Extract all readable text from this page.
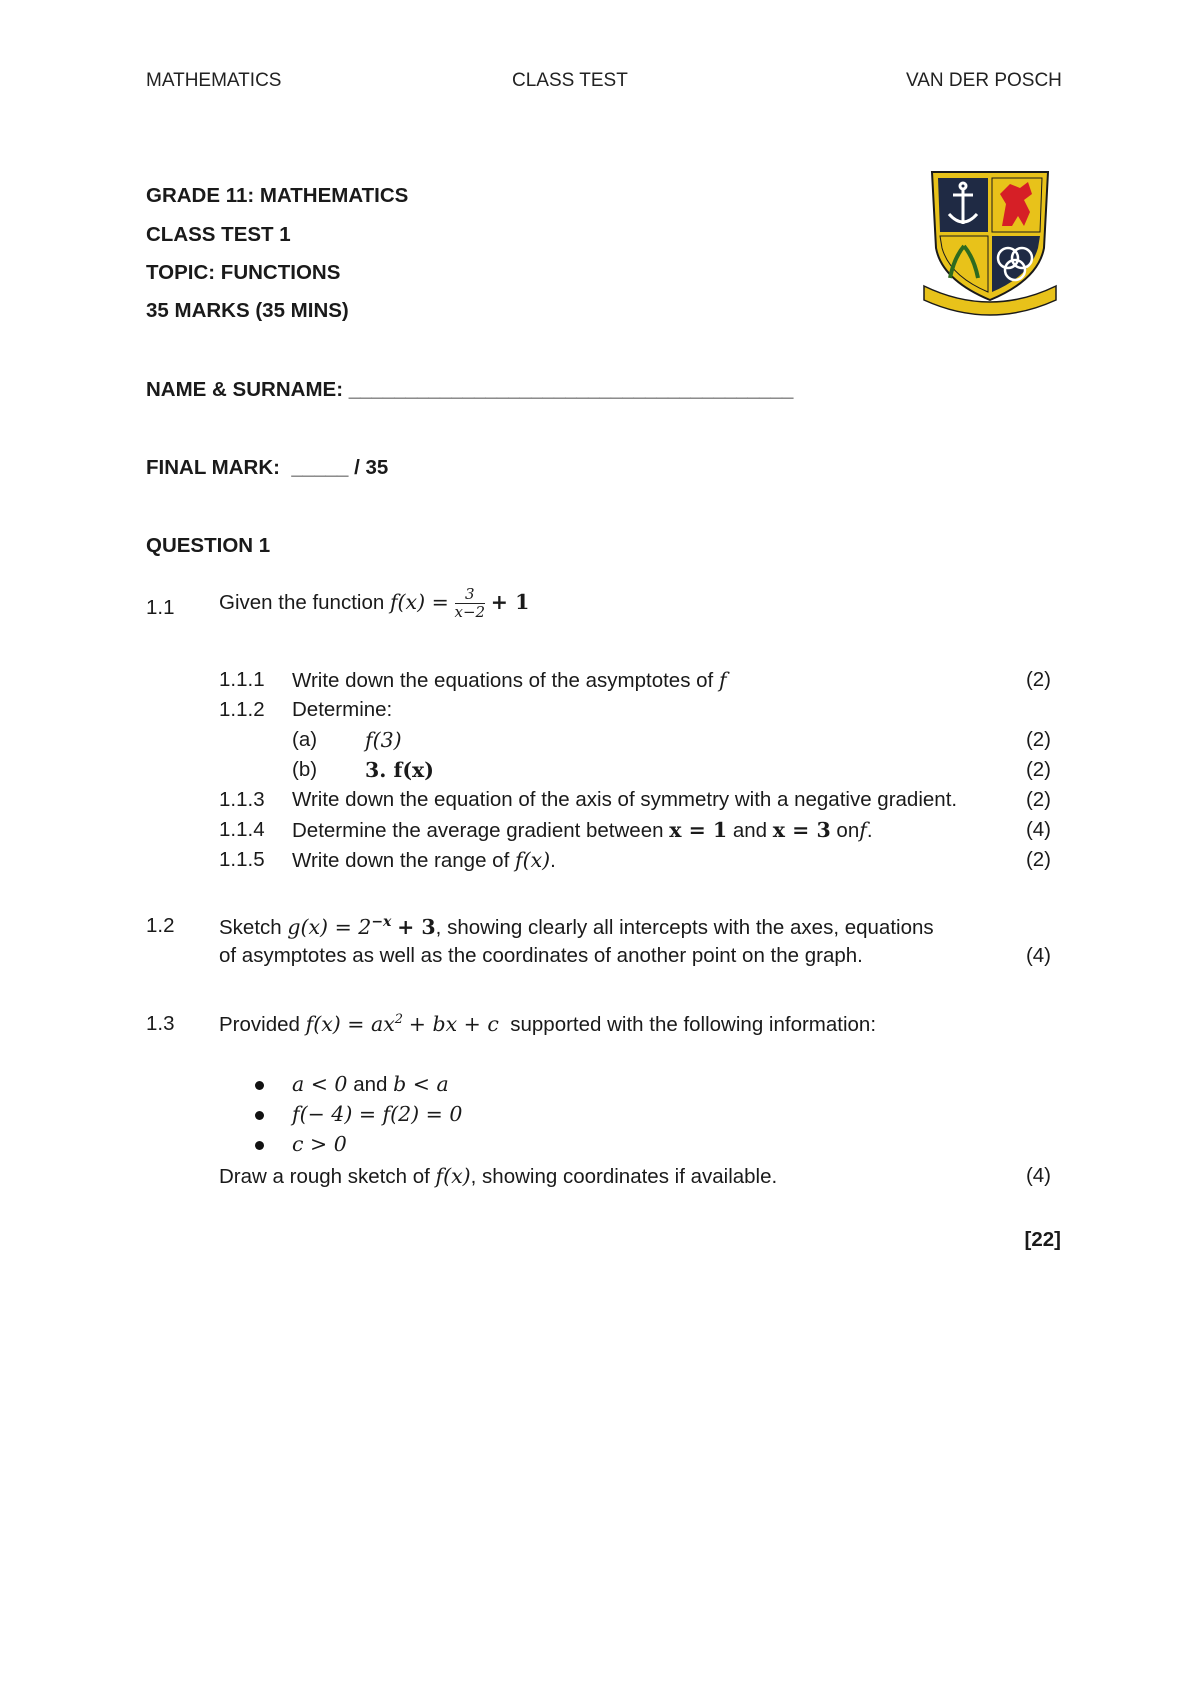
MATHEMATICS	CLASS TEST	VAN DER POSCH
GRADE 11: MATHEMATICS
CLASS TEST 1
TOPIC: FUNCTIONS
35 MARKS (35 MINS)
NAME & SURNAME: _______________________________________
FINAL MARK: _____ / 35
QUESTION 1
1.1 Given the function $f(x) = \frac{3}{x-2} + 1$
1.1.1 Write down the equations of the asymptotes of f	(2)
1.1.2 Determine:
(a) f(3)	(2)
(b) 3. f(x)	(2)
1.1.3 Write down the equation of the axis of symmetry with a negative gradient.	(2)
1.1.4 Determine the average gradient between x = 1 and x = 3 onf.	(4)
1.1.5 Write down the range of f(x).	(2)
1.2 Sketch $g(x) = 2^{-x} + 3$, showing clearly all intercepts with the axes, equations
of asymptotes as well as the coordinates of another point on the graph.	(4)
1.3 Provided $f(x) = ax^2$ + bx + c supported with the following information:
a < 0 and b < a
f(− 4) = f(2) = 0
c > 0
Draw a rough sketch of f(x), showing coordinates if available.	(4)
[22]
